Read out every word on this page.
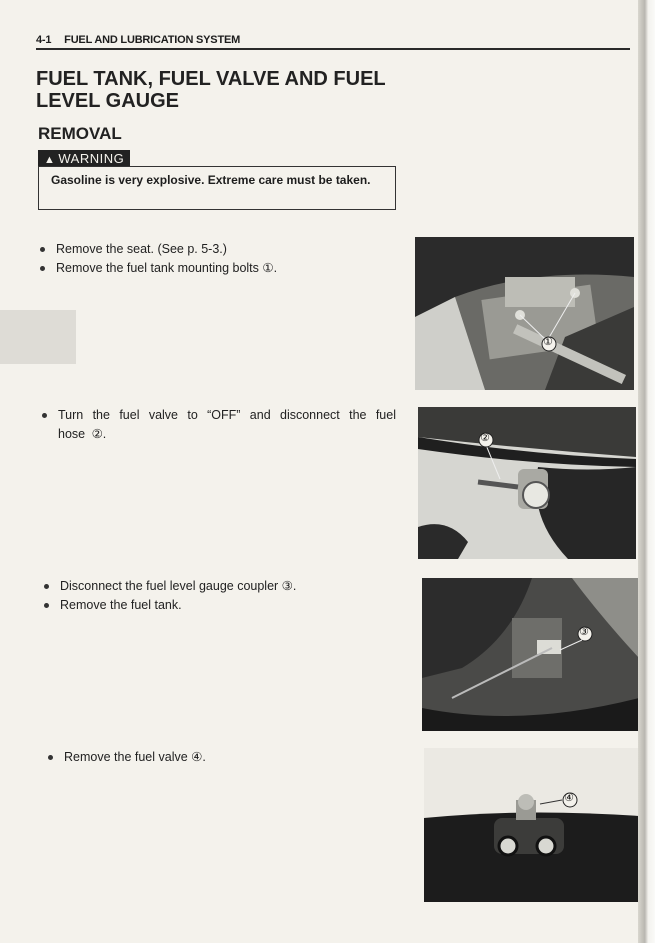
4-1 FUEL AND LUBRICATION SYSTEM
FUEL TANK, FUEL VALVE AND FUEL LEVEL GAUGE
REMOVAL
▲ WARNING
Gasoline is very explosive. Extreme care must be taken.
Remove the seat. (See p. 5-3.)
Remove the fuel tank mounting bolts ①.
Turn the fuel valve to “OFF” and disconnect the fuel hose ②.
Disconnect the fuel level gauge coupler ③.
Remove the fuel tank.
Remove the fuel valve ④.
①
②
③
④
